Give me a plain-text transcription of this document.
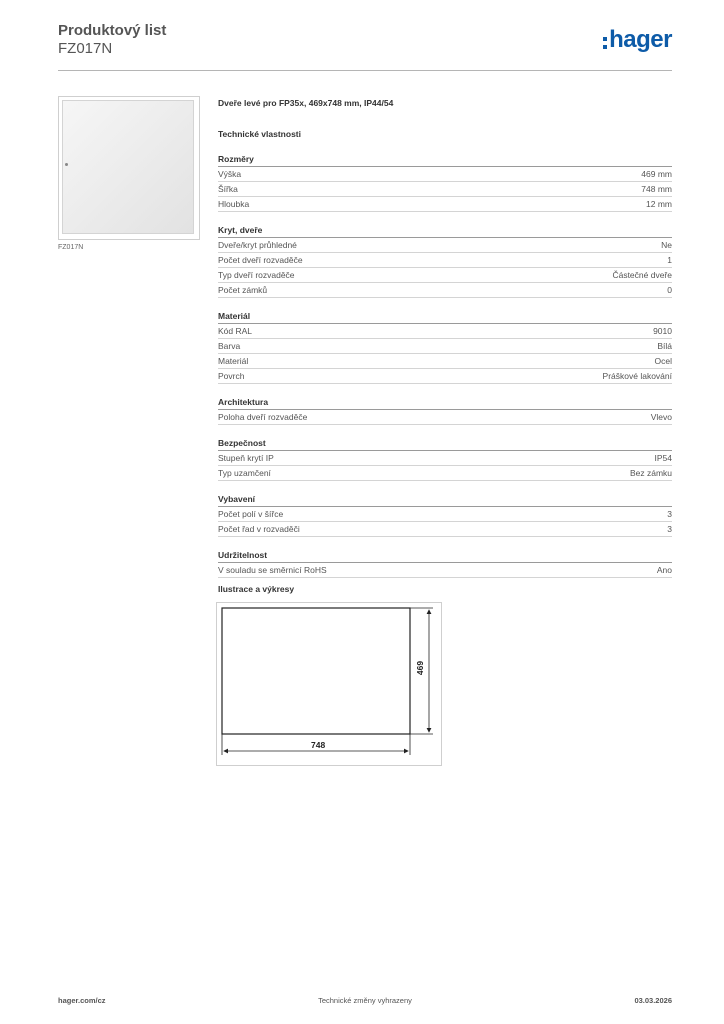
Produktový list
FZ017N	hager
FZ017N
Dveře levé pro FP35x, 469x748 mm, IP44/54
Technické vlastnosti
Rozměry
Výška	469 mm
Šířka	748 mm
Hloubka	12 mm
Kryt, dveře
Dveře/kryt průhledné	Ne
Počet dveří rozvaděče	1
Typ dveří rozvaděče	Částečné dveře
Počet zámků	0
Materiál
Kód RAL	9010
Barva	Bílá
Materiál	Ocel
Povrch	Práškové lakování
Architektura
Poloha dveří rozvaděče	Vlevo
Bezpečnost
Stupeň krytí IP	IP54
Typ uzamčení	Bez zámku
Vybavení
Počet polí v šířce	3
Počet řad v rozvaděči	3
Udržitelnost
V souladu se směrnicí RoHS	Ano
Ilustrace a výkresy
748
469
hager.com/cz	Technické změny vyhrazeny	03.03.2026
